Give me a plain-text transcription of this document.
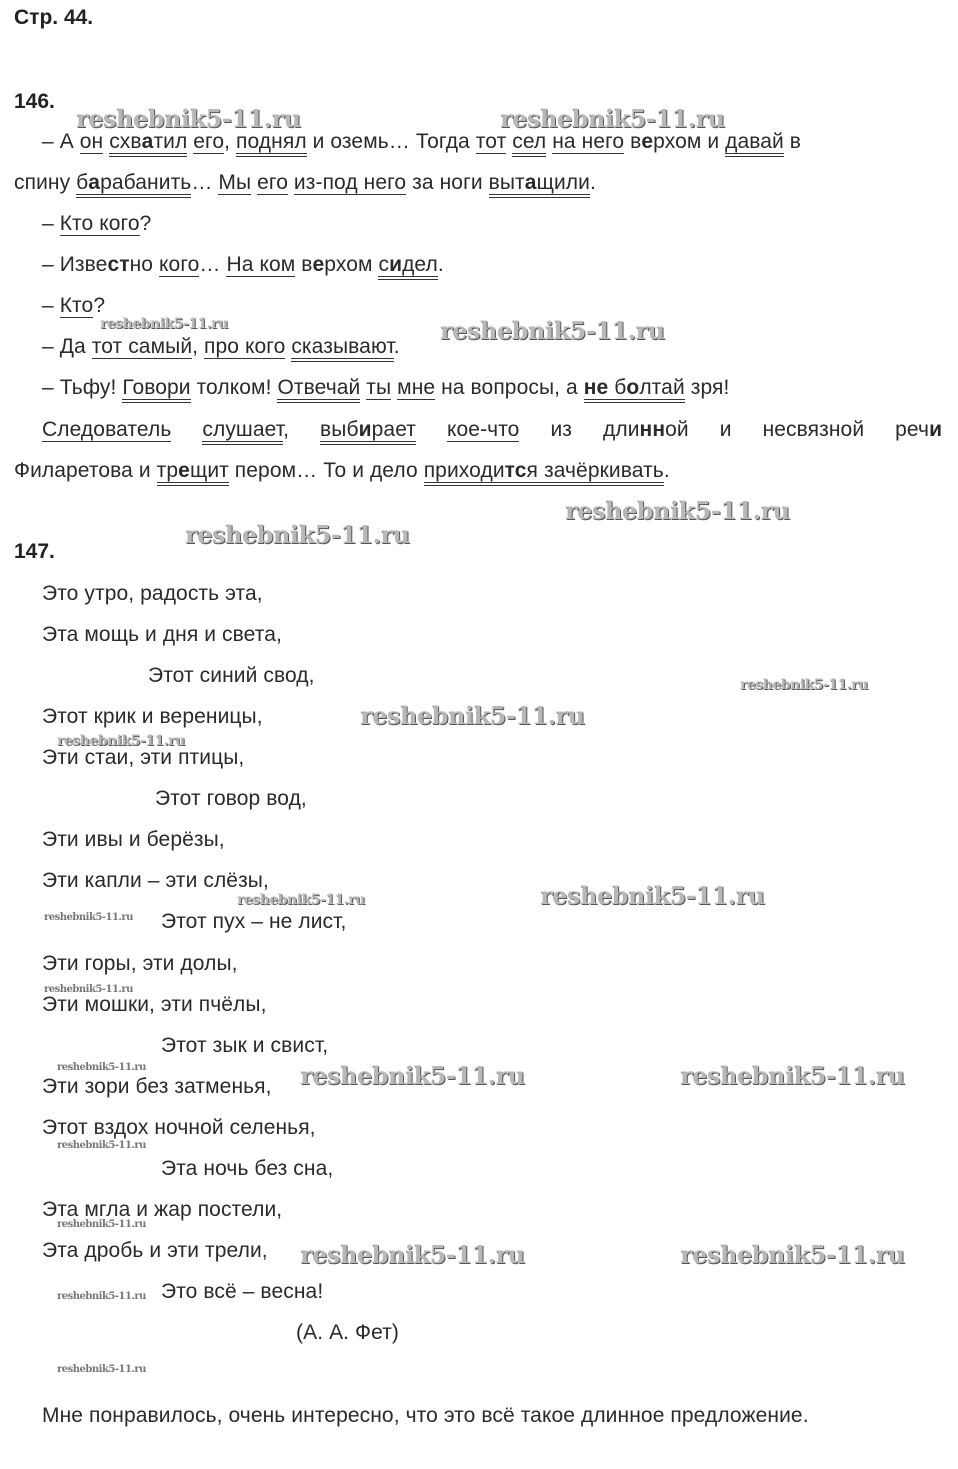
Стр. 44.
146.
– А он схватил его, поднял и оземь… Тогда тот сел на него верхом и давай в
спину барабанить… Мы его из-под него за ноги вытащили.
– Кто кого?
– Известно кого… На ком верхом сидел.
– Кто?
– Да тот самый, про кого сказывают.
– Тьфу! Говори толком! Отвечай ты мне на вопросы, а не болтай зря!
Следователь слушает, выбирает кое-что из длинной и несвязной речи
Филаретова и трещит пером… То и дело приходится зачёркивать.
147.
Это утро, радость эта,
Эта мощь и дня и света,
Этот синий свод,
Этот крик и вереницы,
Эти стаи, эти птицы,
Этот говор вод,
Эти ивы и берёзы,
Эти капли – эти слёзы,
Этот пух – не лист,
Эти горы, эти долы,
Эти мошки, эти пчёлы,
Этот зык и свист,
Эти зори без затменья,
Этот вздох ночной селенья,
Эта ночь без сна,
Эта мгла и жар постели,
Эта дробь и эти трели,
Это всё – весна!
(А. А. Фет)
Мне понравилось, очень интересно, что это всё такое длинное предложение.
reshebnik5-11.ru	reshebnik5-11.ru
reshebnik5-11.ru	reshebnik5-11.ru
reshebnik5-11.ru
reshebnik5-11.ru
reshebnik5-11.ru
reshebnik5-11.ru
reshebnik5-11.ru
reshebnik5-11.ru
reshebnik5-11.ru
reshebnik5-11.ru
reshebnik5-11.ru
reshebnik5-11.ru	reshebnik5-11.ru	reshebnik5-11.ru
reshebnik5-11.ru
reshebnik5-11.ru
reshebnik5-11.ru	reshebnik5-11.ru
reshebnik5-11.ru
reshebnik5-11.ru
